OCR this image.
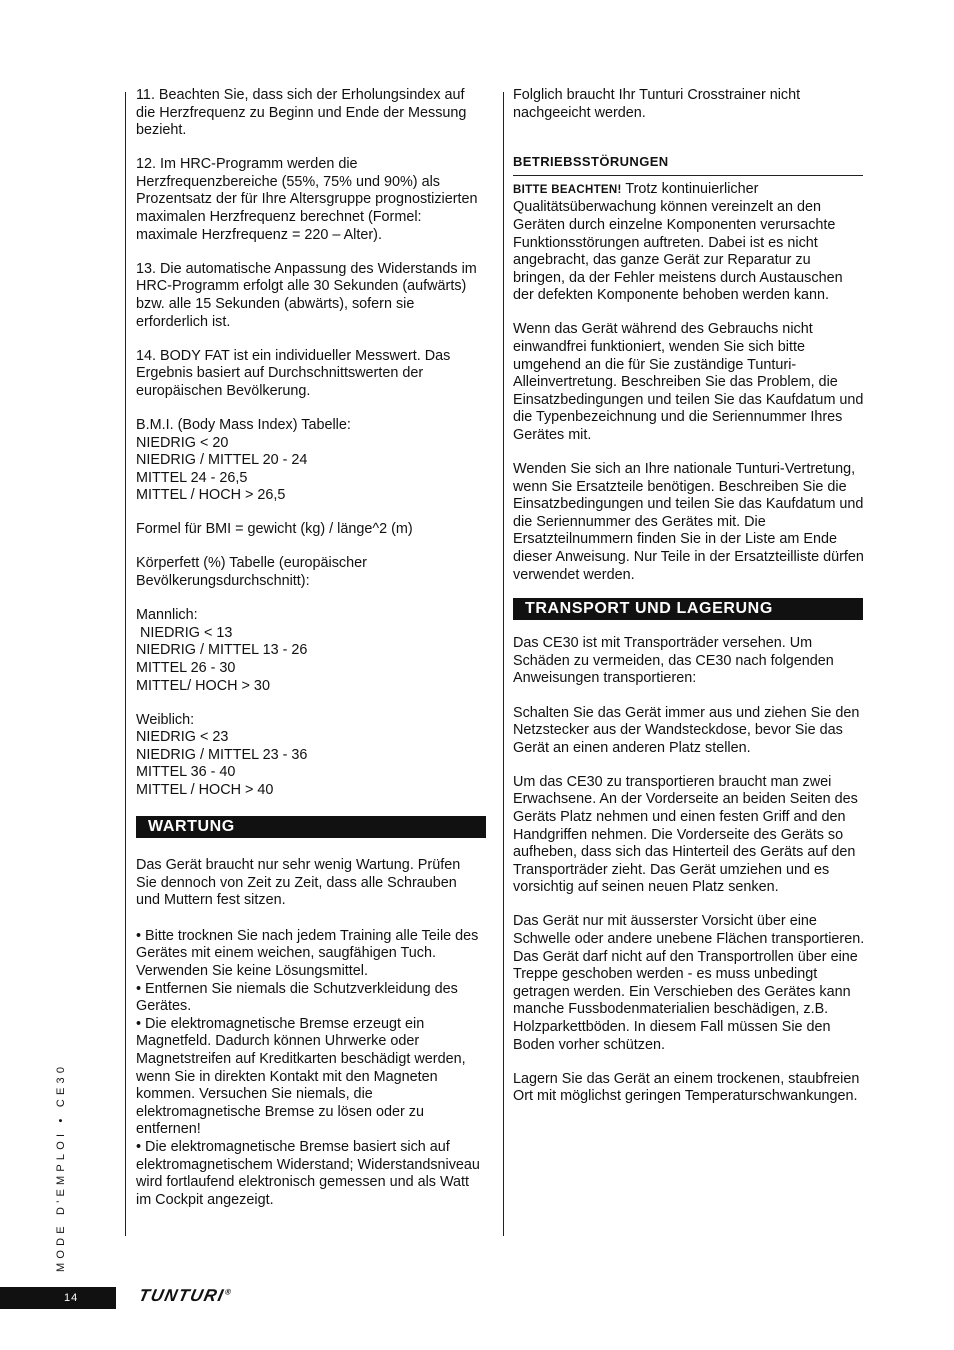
11. Beachten Sie, dass sich der Erholungsindex auf die Herzfrequenz zu Beginn und Ende der Messung bezieht.

12. Im HRC-Programm werden die Herzfrequenzbereiche (55%, 75% und 90%) als Prozentsatz der für Ihre Altersgruppe prognostizierten maximalen Herzfrequenz berechnet (Formel: maximale Herzfrequenz = 220 – Alter).

13. Die automatische Anpassung des Widerstands im HRC-Programm erfolgt alle 30 Sekunden (aufwärts) bzw. alle 15 Sekunden (abwärts), sofern sie erforderlich ist.

14. BODY FAT ist ein individueller Messwert. Das Ergebnis basiert auf Durchschnittswerten der europäischen Bevölkerung.

B.M.I. (Body Mass Index) Tabelle:
NIEDRIG < 20
NIEDRIG / MITTEL 20 - 24
MITTEL 24 - 26,5
MITTEL / HOCH > 26,5

Formel für BMI = gewicht (kg) / länge^2 (m)

Körperfett (%) Tabelle (europäischer
Bevölkerungsdurchschnitt):

Mannlich:
NIEDRIG < 13
NIEDRIG / MITTEL 13 - 26
MITTEL 26 - 30
MITTEL/ HOCH > 30

Weiblich:
NIEDRIG < 23
NIEDRIG / MITTEL 23 - 36
MITTEL 36 - 40
MITTEL / HOCH > 40

WARTUNG

Das Gerät braucht nur sehr wenig Wartung. Prüfen Sie dennoch von Zeit zu Zeit, dass alle Schrauben und Muttern fest sitzen.

• Bitte trocknen Sie nach jedem Training alle Teile des Gerätes mit einem weichen, saugfähigen Tuch. Verwenden Sie keine Lösungsmittel.
• Entfernen Sie niemals die Schutzverkleidung des Gerätes.
• Die elektromagnetische Bremse erzeugt ein Magnetfeld. Dadurch können Uhrwerke oder Magnetstreifen auf Kreditkarten beschädigt werden, wenn Sie in direkten Kontakt mit den Magneten kommen. Versuchen Sie niemals, die elektromagnetische Bremse zu lösen oder zu entfernen!
• Die elektromagnetische Bremse basiert sich auf elektromagnetischem Widerstand; Widerstandsniveau wird fortlaufend elektronisch gemessen und als Watt im Cockpit angezeigt.

Folglich braucht Ihr Tunturi Crosstrainer nicht nachgeeicht werden.

BETRIEBSSTÖRUNGEN

BITTE BEACHTEN! Trotz kontinuierlicher Qualitätsüberwachung können vereinzelt an den Geräten durch einzelne Komponenten verursachte Funktionsstörungen auftreten. Dabei ist es nicht angebracht, das ganze Gerät zur Reparatur zu bringen, da der Fehler meistens durch Austauschen der defekten Komponente behoben werden kann.

Wenn das Gerät während des Gebrauchs nicht einwandfrei funktioniert, wenden Sie sich bitte umgehend an die für Sie zuständige Tunturi-Alleinvertretung. Beschreiben Sie das Problem, die Einsatzbedingungen und teilen Sie das Kaufdatum und die Typenbezeichnung und die Seriennummer Ihres Gerätes mit.

Wenden Sie sich an Ihre nationale Tunturi-Vertretung, wenn Sie Ersatzteile benötigen. Beschreiben Sie die Einsatzbedingungen und teilen Sie das Kaufdatum und die Seriennummer des Gerätes mit. Die Ersatzteilnummern finden Sie in der Liste am Ende dieser Anweisung. Nur Teile in der Ersatzteilliste dürfen verwendet werden.

TRANSPORT UND LAGERUNG

Das CE30 ist mit Transporträder versehen. Um Schäden zu vermeiden, das CE30 nach folgenden Anweisungen transportieren:

Schalten Sie das Gerät immer aus und ziehen Sie den Netzstecker aus der Wandsteckdose, bevor Sie das Gerät an einen anderen Platz stellen.

Um das CE30 zu transportieren braucht man zwei Erwachsene. An der Vorderseite an beiden Seiten des Geräts Platz nehmen und einen festen Griff and den Handgriffen nehmen. Die Vorderseite des Geräts so aufheben, dass sich das Hinterteil des Geräts auf den Transporträder zieht. Das Gerät umziehen und es vorsichtig auf seinen neuen Platz senken.

Das Gerät nur mit äusserster Vorsicht über eine Schwelle oder andere unebene Flächen transportieren. Das Gerät darf nicht auf den Transportrollen über eine Treppe geschoben werden - es muss unbedingt getragen werden. Ein Verschieben des Gerätes kann manche Fussbodenmaterialien beschädigen, z.B. Holzparkettböden. In diesem Fall müssen Sie den Boden vorher schützen.

Lagern Sie das Gerät an einem trockenen, staubfreien Ort mit möglichst geringen Temperaturschwankungen.

MODE D'EMPLOI • CE30
14	TUNTURI®
